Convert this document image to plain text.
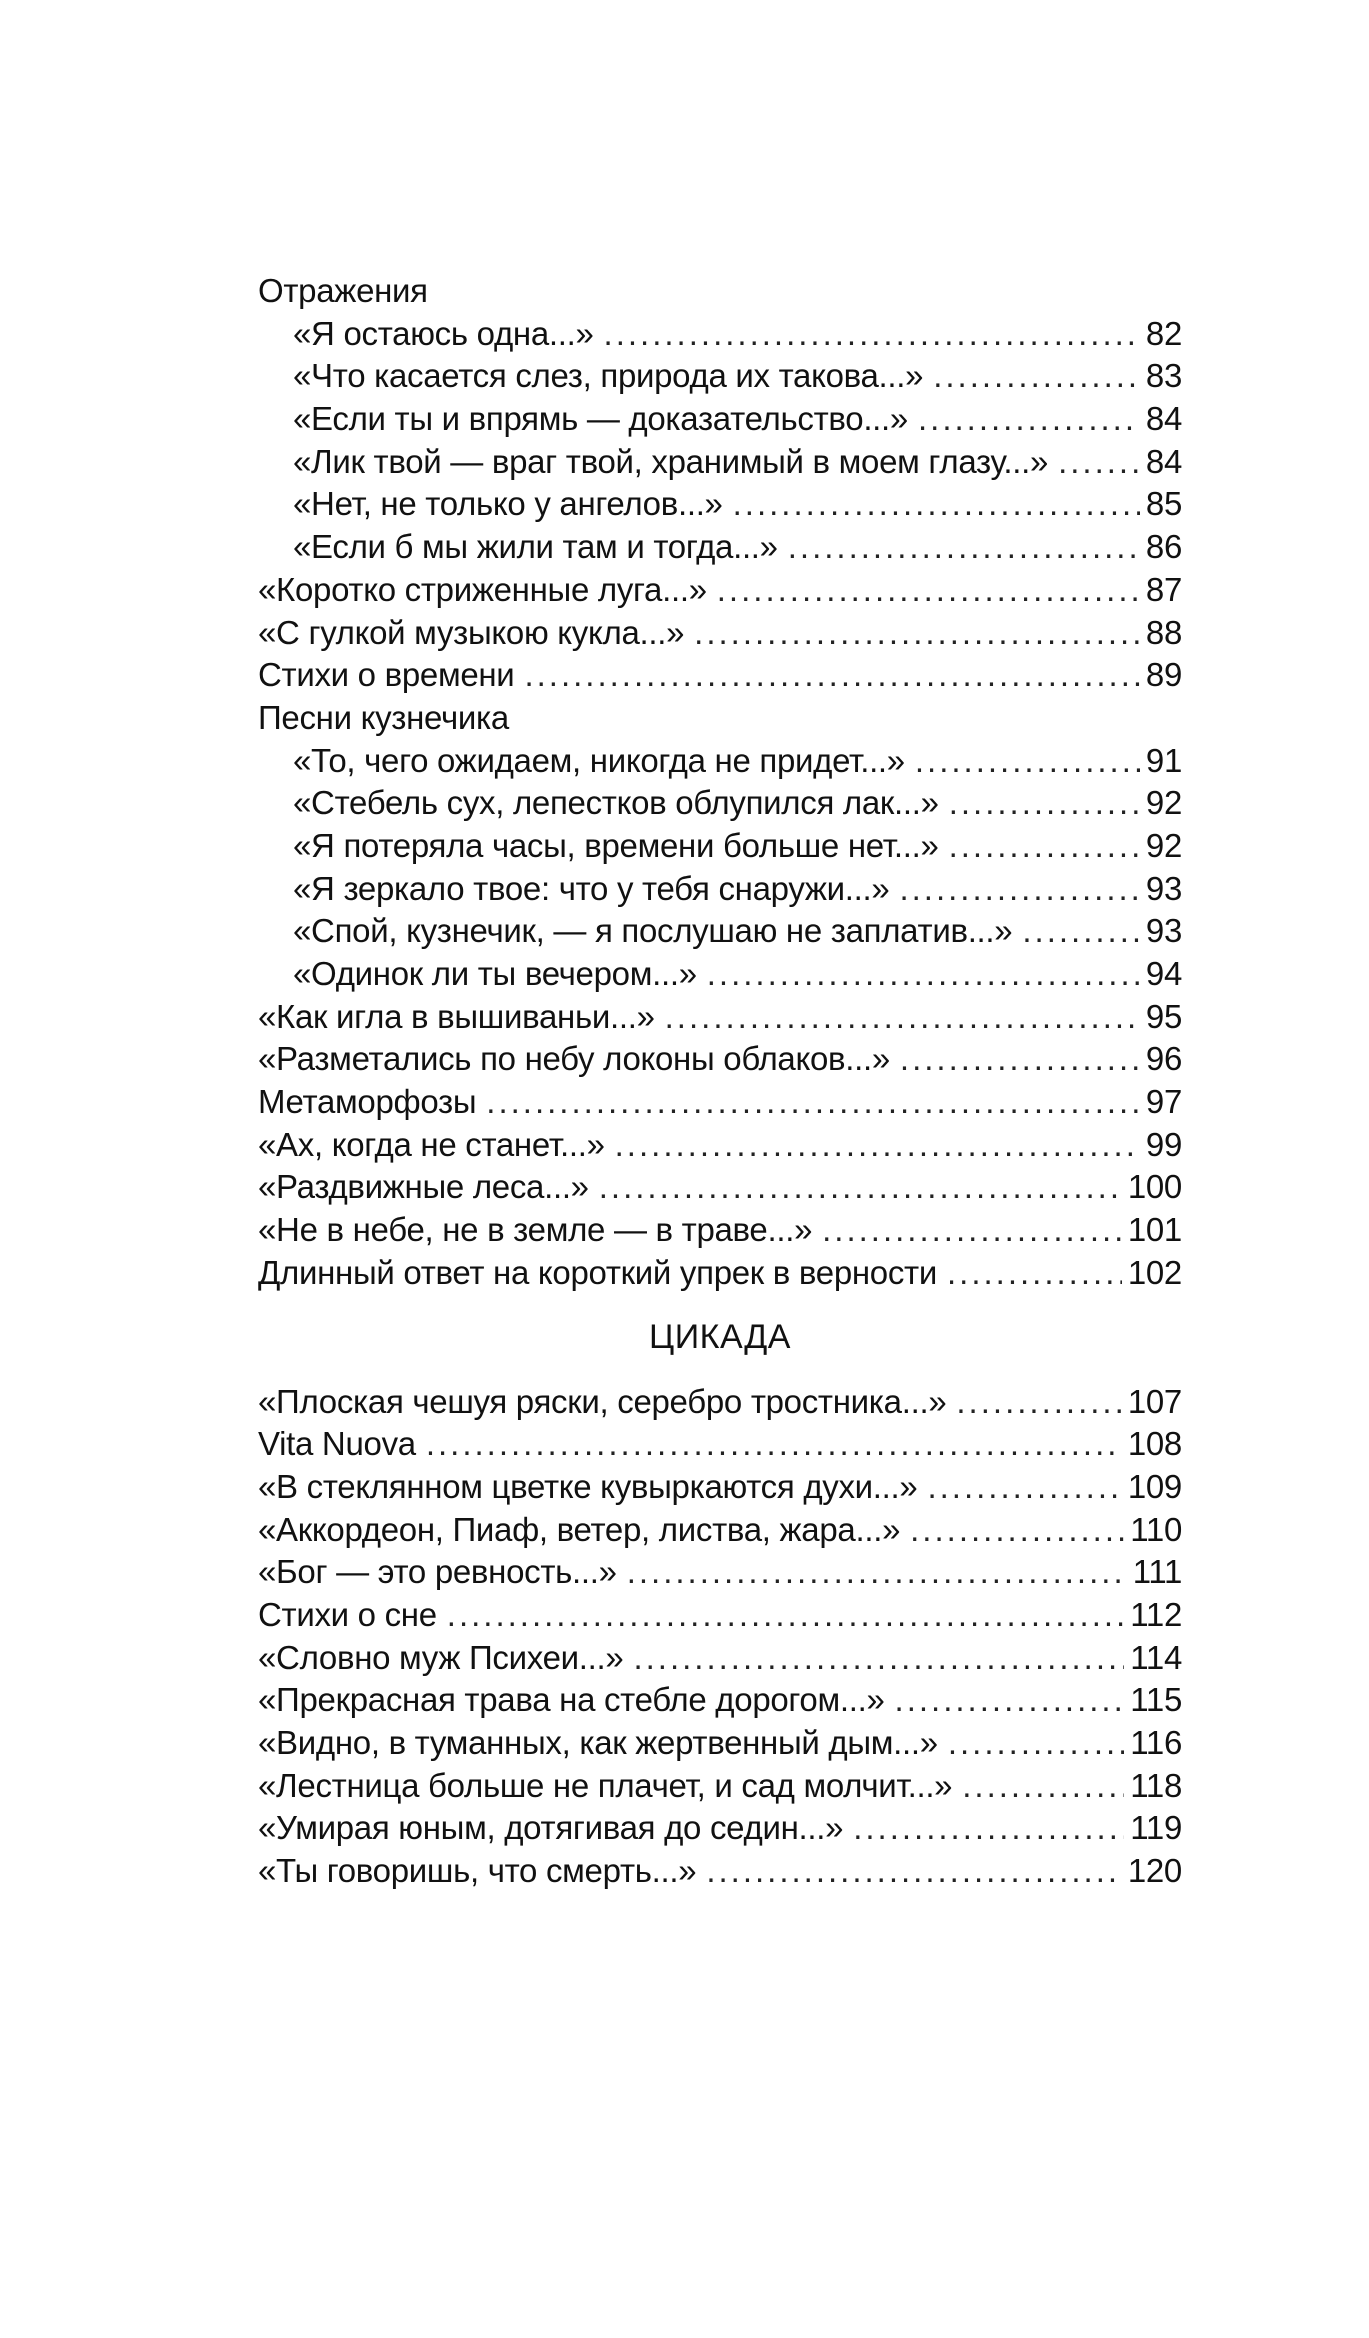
Отражения
«Я остаюсь одна...» .....	82
«Что касается слез, природа их такова...» .....	83
«Если ты и впрямь — доказательство...» .....	84
«Лик твой — враг твой, хранимый в моем глазу...» .....	84
«Нет, не только у ангелов...» .....	85
«Если б мы жили там и тогда...» .....	86
«Коротко стриженные луга...» .....	87
«С гулкой музыкою кукла...» .....	88
Стихи о времени .....	89
Песни кузнечика
«То, чего ожидаем, никогда не придет...» .....	91
«Стебель сух, лепестков облупился лак...» .....	92
«Я потеряла часы, времени больше нет...» .....	92
«Я зеркало твое: что у тебя снаружи...» .....	93
«Спой, кузнечик, — я послушаю не заплатив...» .....	93
«Одинок ли ты вечером...» .....	94
«Как игла в вышиваньи...» .....	95
«Разметались по небу локоны облаков...» .....	96
Метаморфозы .....	97
«Ах, когда не станет...» .....	99
«Раздвижные леса...» .....	100
«Не в небе, не в земле — в траве...» .....	101
Длинный ответ на короткий упрек в верности .....	102
ЦИКАДА
«Плоская чешуя ряски, серебро тростника...» .....	107
Vita Nuova .....	108
«В стеклянном цветке кувыркаются духи...» .....	109
«Аккордеон, Пиаф, ветер, листва, жара...» .....	110
«Бог — это ревность...» .....	111
Стихи о сне .....	112
«Словно муж Психеи...» .....	114
«Прекрасная трава на стебле дорогом...» .....	115
«Видно, в туманных, как жертвенный дым...» .....	116
«Лестница больше не плачет, и сад молчит...» .....	118
«Умирая юным, дотягивая до седин...» .....	119
«Ты говоришь, что смерть...» .....	120
